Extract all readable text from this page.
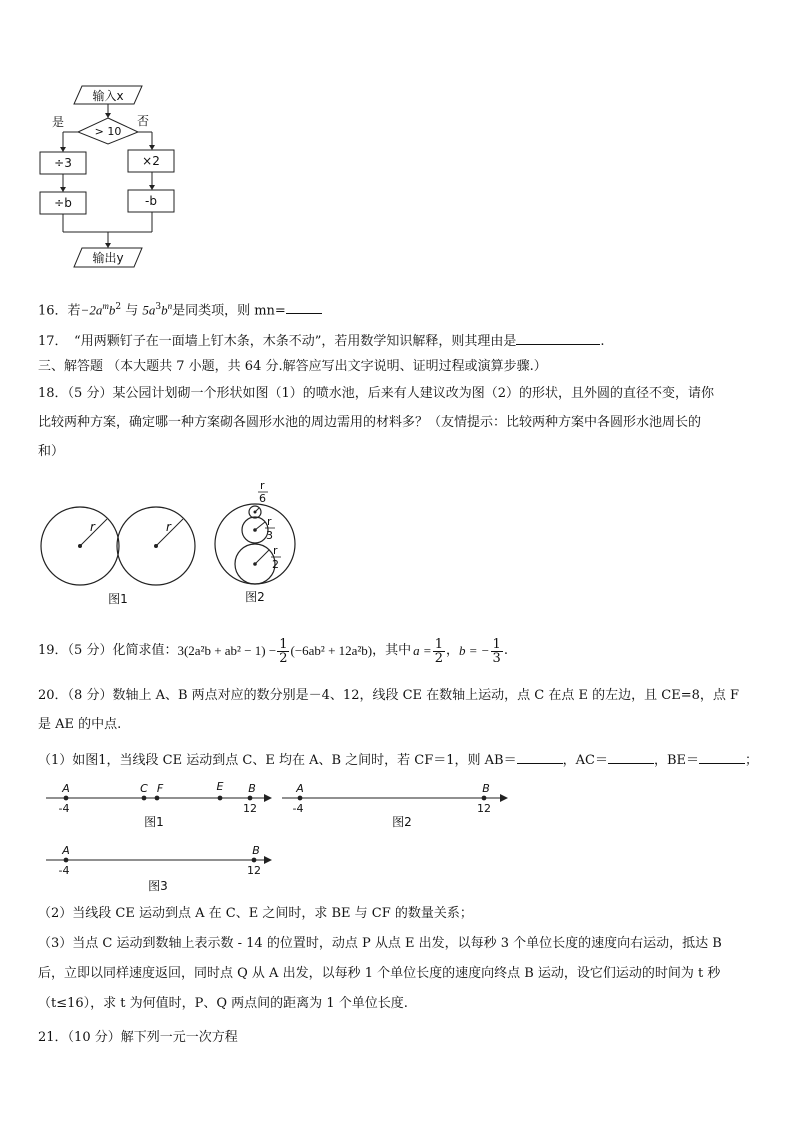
输入x
> 10
是	否
÷3
÷b
×2
-b
输出y
16．若$-2a^mb^2$ 与 $5a^3b^n$是同类项，则 mn=
17．　“用两颗钉子在一面墙上钉木条，木条不动”，若用数学知识解释，则其理由是	.
三、解答题 （本大题共 7 小题，共 64 分.解答应写出文字说明、证明过程或演算步骤.）
18．（5 分）某公园计划砌一个形状如图（1）的喷水池，后来有人建议改为图（2）的形状，且外圆的直径不变，请你
比较两种方案，确定哪一种方案砌各圆形水池的周边需用的材料多？（友情提示：比较两种方案中各圆形水池周长的
和）
r	r
图1
r
6
r
3
r
2
图2
19．（5 分）化简求值： $3(2a^2b + ab^2 - 1) - \frac{1}{2} (-6ab^2 + 12a^2b)$ ，其中 $a = \frac{1}{2}$ ， b = − $\frac{1}{3}$ .
20．（8 分）数轴上 A、B 两点对应的数分别是－4、12，线段 CE 在数轴上运动，点 C 在点 E 的左边，且 CE=8，点 F
是 AE 的中点.
（1）如图1，当线段 CE 运动到点 C、E 均在 A、B 之间时，若 CF＝1，则 AB＝	，AC＝	，BE＝	；
A	C F	E B
-4	12
图1
A	B
-4	12
图2
A	B
-4	12
图3
（2）当线段 CE 运动到点 A 在 C、E 之间时，求 BE 与 CF 的数量关系；
（3）当点 C 运动到数轴上表示数 - 14 的位置时，动点 P 从点 E 出发，以每秒 3 个单位长度的速度向右运动，抵达 B
后，立即以同样速度返回，同时点 Q 从 A 出发，以每秒 1 个单位长度的速度向终点 B 运动，设它们运动的时间为 t 秒
（t≤16），求 t 为何值时，P、Q 两点间的距离为 1 个单位长度.
21．（10 分）解下列一元一次方程
